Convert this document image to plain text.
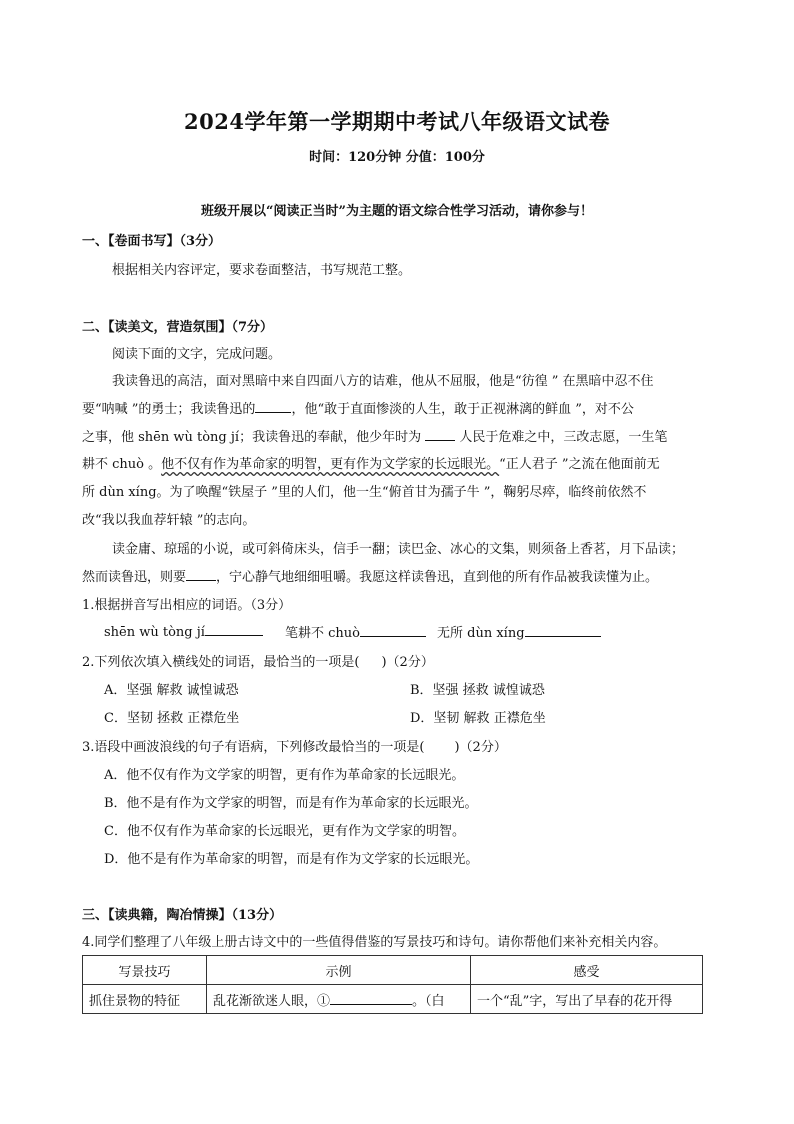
2024学年第一学期期中考试八年级语文试卷
时间：120分钟 分值：100分
班级开展以“阅读正当时”为主题的语文综合性学习活动，请你参与！
一、【卷面书写】（3分）
根据相关内容评定，要求卷面整洁，书写规范工整。
二、【读美文，营造氛围】（7分）
阅读下面的文字，完成问题。
我读鲁迅的高洁，面对黑暗中来自四面八方的诘难，他从不屈服，他是“彷徨 ” 在黑暗中忍不住
要“呐喊 ”的勇士；我读鲁迅的	，他“敢于直面惨淡的人生，敢于正视淋漓的鲜血 ”，对不公
之事，他 shēn wù tòng jí；我读鲁迅的奉献，他少年时为  人民于危难之中，三改志愿，一生笔
耕不 chuò 。他不仅有作为革命家的明智，更有作为文学家的长远眼光。“正人君子 ”之流在他面前无
所 dùn xíng。为了唤醒“铁屋子 ”里的人们，他一生“俯首甘为孺子牛 ”，鞠躬尽瘁，临终前依然不
改“我以我血荐轩辕 ”的志向。
读金庸、琼瑶的小说，或可斜倚床头，信手一翻；读巴金、冰心的文集，则须备上香茗，月下品读；
然而读鲁迅，则要 ，宁心静气地细细咀嚼。我愿这样读鲁迅，直到他的所有作品被我读懂为止。
1.根据拼音写出相应的词语。（3分）
shēn wù tòng jí	笔耕不 chuò	无所 dùn xíng
2.下列依次填入横线处的词语，最恰当的一项是( )（2分）
A．坚强 解救 诚惶诚恐	B．坚强 拯救 诚惶诚恐
C．坚韧 拯救 正襟危坐	D．坚韧 解救 正襟危坐
3.语段中画波浪线的句子有语病，下列修改最恰当的一项是( )（2分）
A．他不仅有作为文学家的明智，更有作为革命家的长远眼光。
B．他不是有作为文学家的明智，而是有作为革命家的长远眼光。
C．他不仅有作为革命家的长远眼光，更有作为文学家的明智。
D．他不是有作为革命家的明智，而是有作为文学家的长远眼光。
三、【读典籍，陶冶情操】（13分）
4.同学们整理了八年级上册古诗文中的一些值得借鉴的写景技巧和诗句。请你帮他们来补充相关内容。
写景技巧	示例	感受
抓住景物的特征	乱花渐欲迷人眼，① 。（白	一个“乱”字，写出了早春的花开得
